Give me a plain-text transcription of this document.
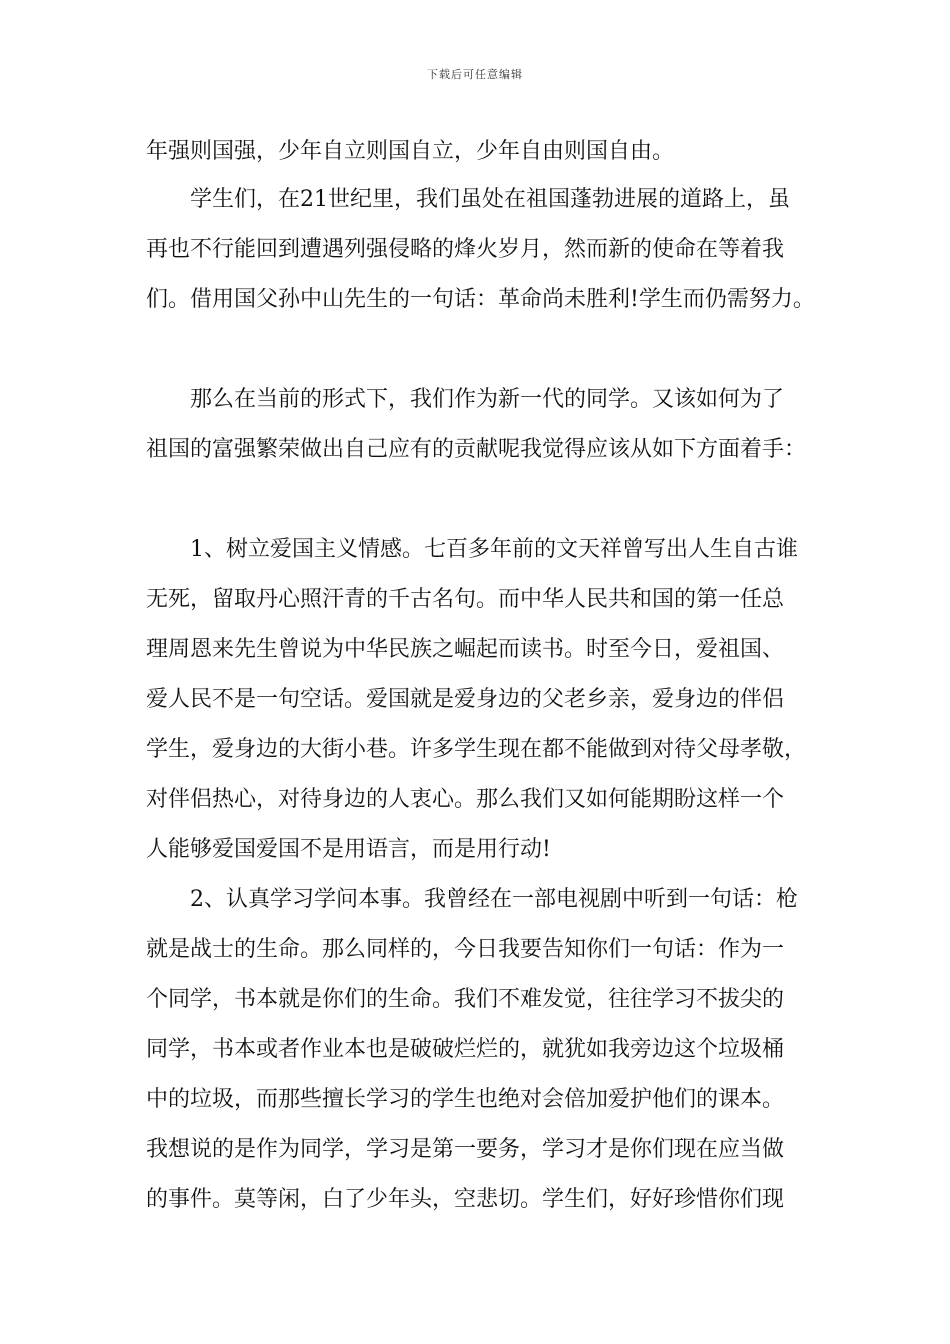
下载后可任意编辑
年强则国强，少年自立则国自立，少年自由则国自由。
　　学生们，在21世纪里，我们虽处在祖国蓬勃进展的道路上，虽
再也不行能回到遭遇列强侵略的烽火岁月，然而新的使命在等着我
们。借用国父孙中山先生的一句话：革命尚未胜利!学生而仍需努力。
　　那么在当前的形式下，我们作为新一代的同学。又该如何为了
祖国的富强繁荣做出自己应有的贡献呢我觉得应该从如下方面着手：
　　1、树立爱国主义情感。七百多年前的文天祥曾写出人生自古谁
无死，留取丹心照汗青的千古名句。而中华人民共和国的第一任总
理周恩来先生曾说为中华民族之崛起而读书。时至今日，爱祖国、
爱人民不是一句空话。爱国就是爱身边的父老乡亲，爱身边的伴侣
学生，爱身边的大街小巷。许多学生现在都不能做到对待父母孝敬，
对伴侣热心，对待身边的人衷心。那么我们又如何能期盼这样一个
人能够爱国爱国不是用语言，而是用行动!
　　2、认真学习学问本事。我曾经在一部电视剧中听到一句话：枪
就是战士的生命。那么同样的，今日我要告知你们一句话：作为一
个同学，书本就是你们的生命。我们不难发觉，往往学习不拔尖的
同学，书本或者作业本也是破破烂烂的，就犹如我旁边这个垃圾桶
中的垃圾，而那些擅长学习的学生也绝对会倍加爱护他们的课本。
我想说的是作为同学，学习是第一要务，学习才是你们现在应当做
的事件。莫等闲，白了少年头，空悲切。学生们，好好珍惜你们现
